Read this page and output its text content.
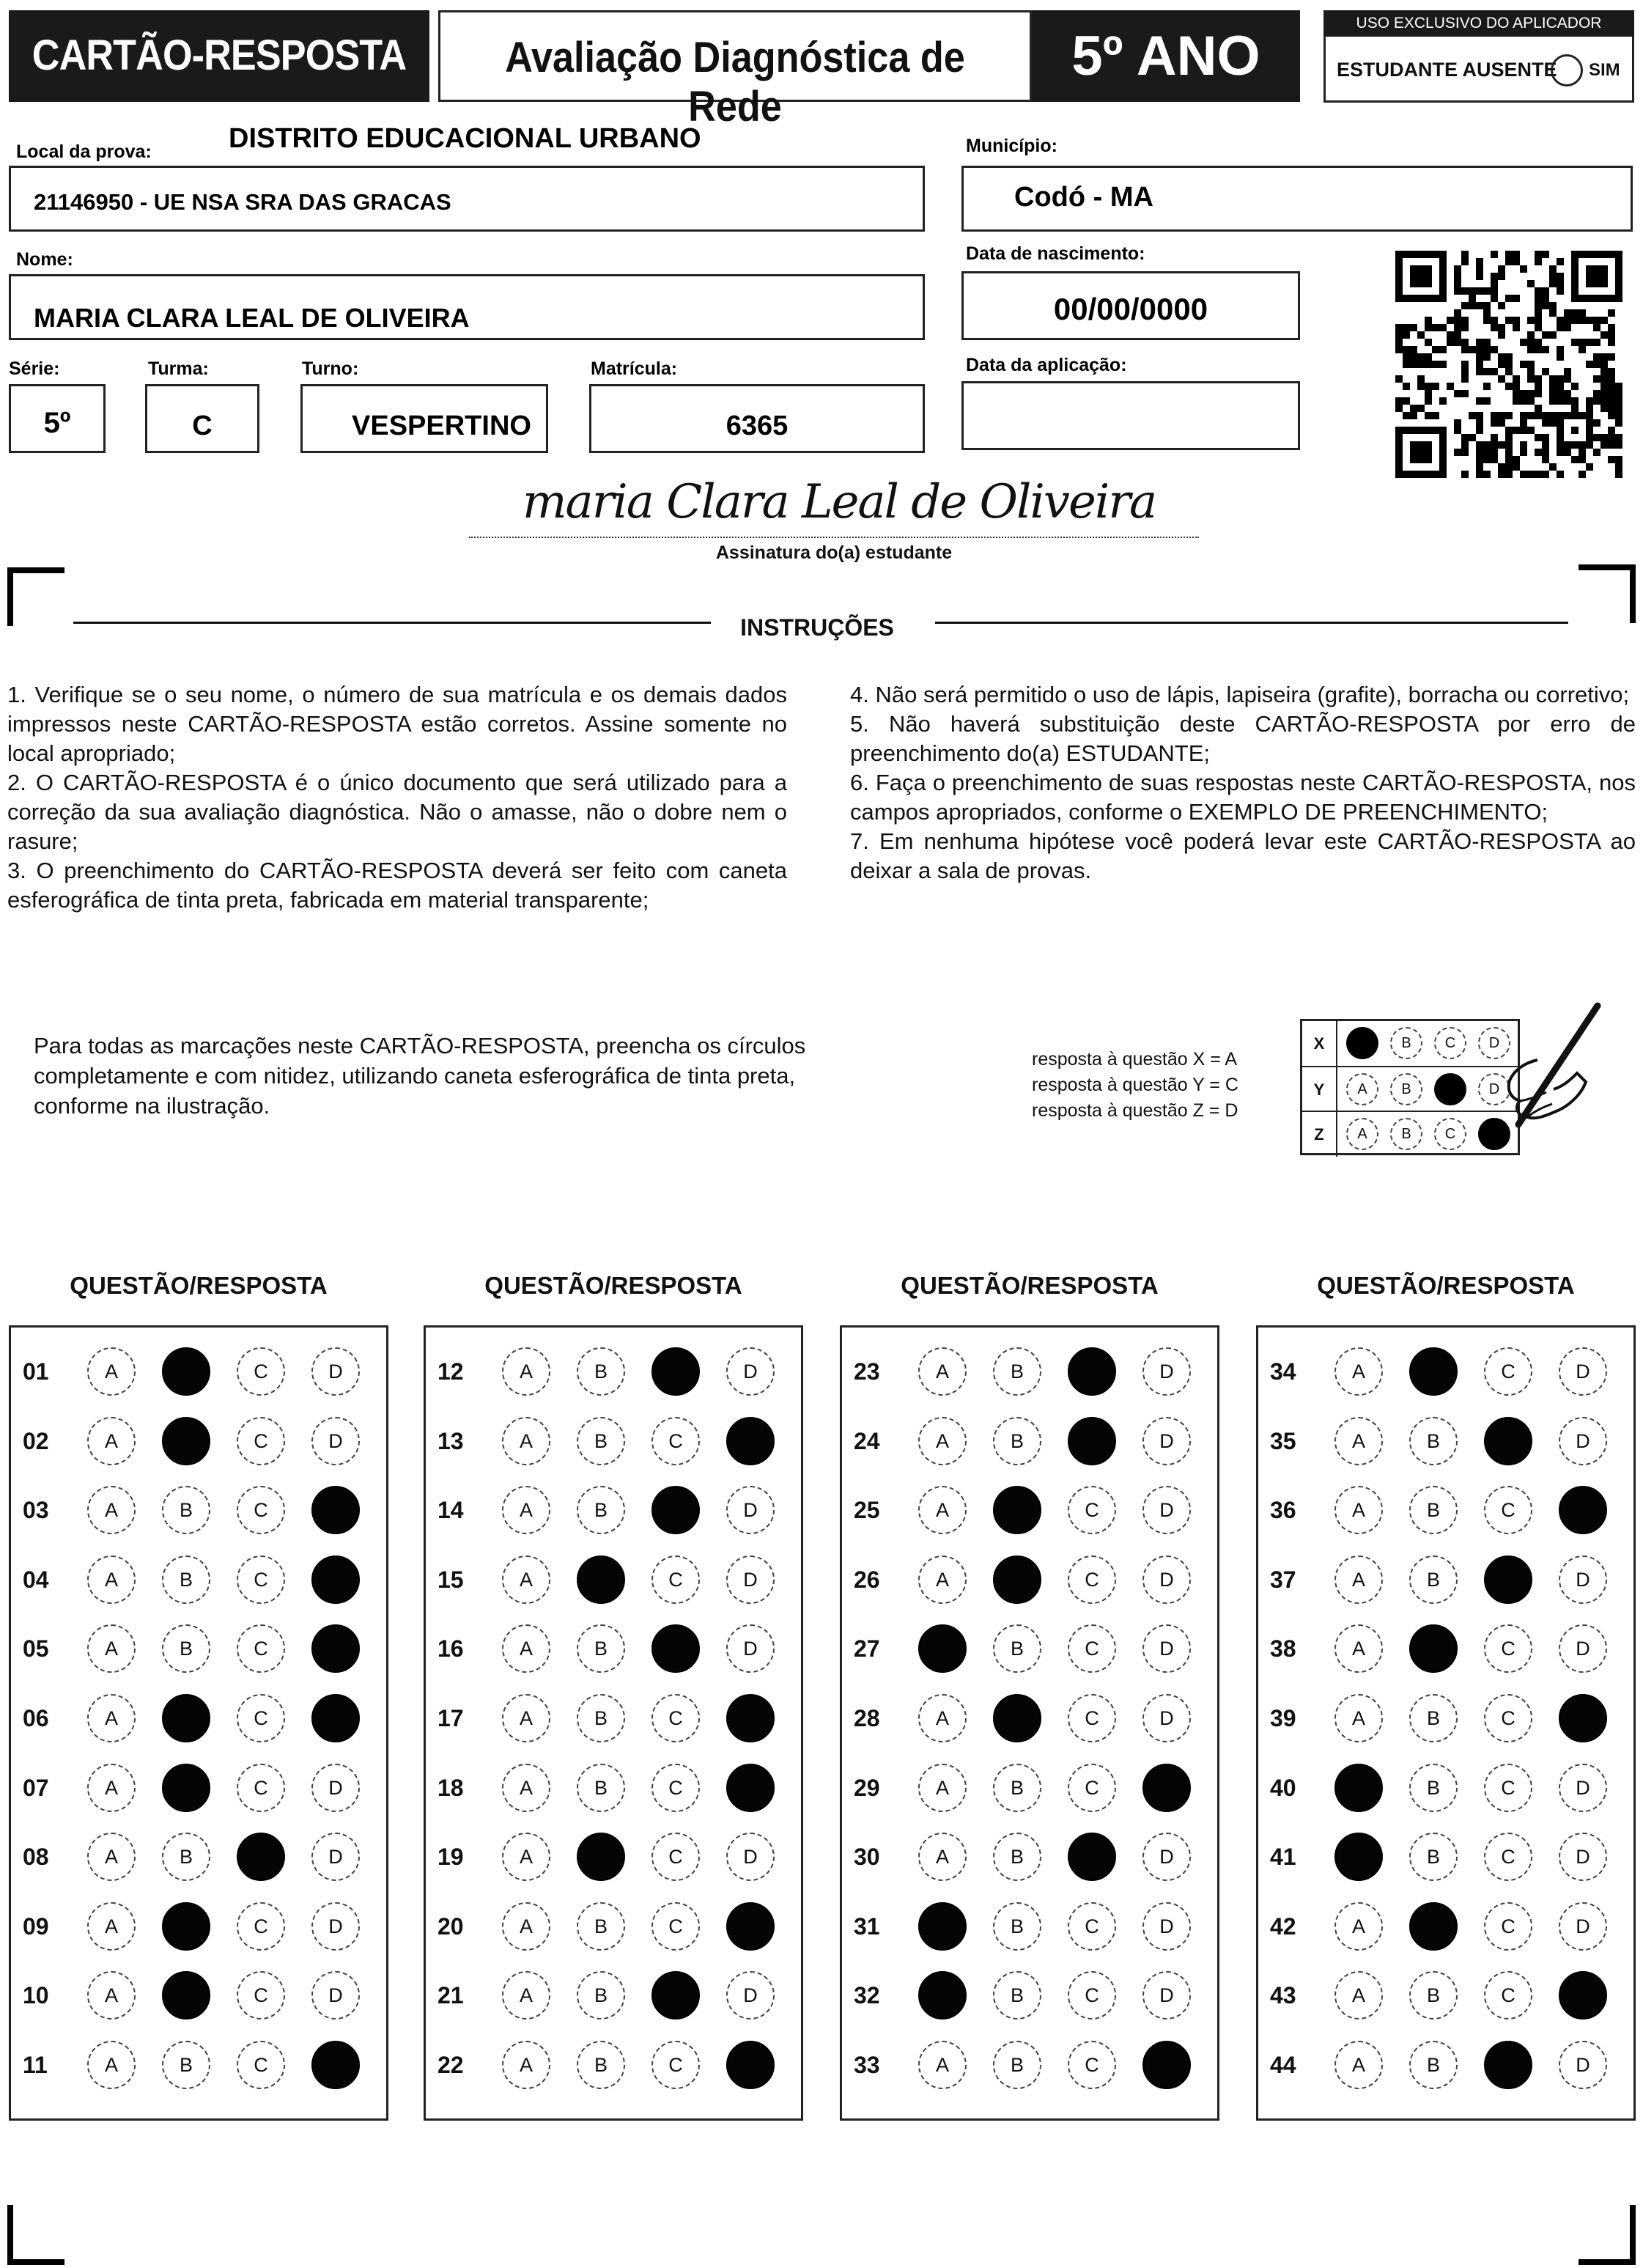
CARTÃO-RESPOSTA	Avaliação Diagnóstica de Rede
5º ANO
USO EXCLUSIVO DO APLICADOR
ESTUDANTE AUSENTE SIM
Local da prova:	DISTRITO EDUCACIONAL URBANO
21146950 - UE NSA SRA DAS GRACAS
Município:
Codó - MA
Nome:
MARIA CLARA LEAL DE OLIVEIRA
Data de nascimento:
00/00/0000
Série:
5º
Turma:
C
Turno:
VESPERTINO
Matrícula:
6365
Data da aplicação:
maria Clara Leal de Oliveira
Assinatura do(a) estudante
INSTRUÇÕES

1. Verifique se o seu nome, o número de sua matrícula e os demais dados impressos neste CARTÃO-RESPOSTA estão corretos. Assine somente no local apropriado;

2. O CARTÃO-RESPOSTA é o único documento que será utilizado para a correção da sua avaliação diagnóstica. Não o amasse, não o dobre nem o rasure;

3. O preenchimento do CARTÃO-RESPOSTA deverá ser feito com caneta esferográfica de tinta preta, fabricada em material transparente;

4. Não será permitido o uso de lápis, lapiseira (grafite), borracha ou corretivo;

5. Não haverá substituição deste CARTÃO-RESPOSTA por erro de preenchimento do(a) ESTUDANTE;

6. Faça o preenchimento de suas respostas neste CARTÃO-RESPOSTA, nos campos apropriados, conforme o EXEMPLO DE PREENCHIMENTO;

7. Em nenhuma hipótese você poderá levar este CARTÃO-RESPOSTA ao deixar a sala de provas.

Para todas as marcações neste CARTÃO-RESPOSTA, preencha os círculos completamente e com nitidez, utilizando caneta esferográfica de tinta preta, conforme na ilustração.
resposta à questão X = A
resposta à questão Y = C
resposta à questão Z = D
X	A	B	C	D
Y	A	B	C	D
Z	A	B	C	D
QUESTÃO/RESPOSTA
01	A	B	C	D
02	A	B	C	D
03	A	B	C	D
04	A	B	C	D
05	A	B	C	D
06	A	B	C	D
07	A	B	C	D
08	A	B	C	D
09	A	B	C	D
10	A	B	C	D
11	A	B	C	D
QUESTÃO/RESPOSTA
12	A	B	C	D
13	A	B	C	D
14	A	B	C	D
15	A	B	C	D
16	A	B	C	D
17	A	B	C	D
18	A	B	C	D
19	A	B	C	D
20	A	B	C	D
21	A	B	C	D
22	A	B	C	D
QUESTÃO/RESPOSTA
23	A	B	C	D
24	A	B	C	D
25	A	B	C	D
26	A	B	C	D
27	A	B	C	D
28	A	B	C	D
29	A	B	C	D
30	A	B	C	D
31	A	B	C	D
32	A	B	C	D
33	A	B	C	D
QUESTÃO/RESPOSTA
34	A	B	C	D
35	A	B	C	D
36	A	B	C	D
37	A	B	C	D
38	A	B	C	D
39	A	B	C	D
40	A	B	C	D
41	A	B	C	D
42	A	B	C	D
43	A	B	C	D
44	A	B	C	D
